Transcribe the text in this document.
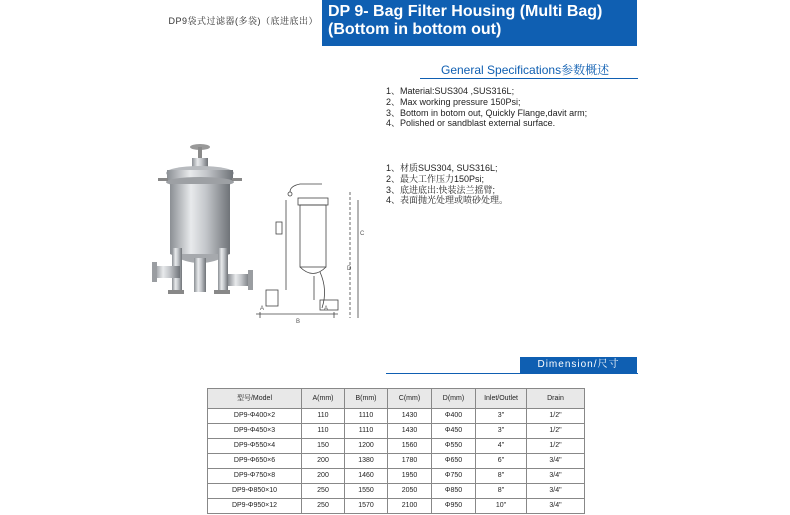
DP9袋式过滤器(多袋)（底进底出）
DP 9- Bag Filter Housing (Multi Bag)
(Bottom in bottom out)
General Specifications参数概述
1、Material:SUS304 ,SUS316L;
2、Max working pressure 150Psi;
3、Bottom in botom out, Quickly Flange,davit arm;
4、Polished or sandblast external surface.
1、材质SUS304, SUS316L;
2、最大工作压力150Psi;
3、底进底出:快装法兰摇臂;
4、表面抛光处理或喷砂处理。
C
D
A	A
B
Dimension/尺寸
型号/Model	A(mm)	B(mm)	C(mm)	D(mm)	Inlet/Outlet	Drain
DP9-Φ400×2	110	1110	1430	Φ400	3"	1/2"
DP9-Φ450×3	110	1110	1430	Φ450	3"	1/2"
DP9-Φ550×4	150	1200	1560	Φ550	4"	1/2"
DP9-Φ650×6	200	1380	1780	Φ650	6"	3/4"
DP9-Φ750×8	200	1460	1950	Φ750	8"	3/4"
DP9-Φ850×10	250	1550	2050	Φ850	8"	3/4"
DP9-Φ950×12	250	1570	2100	Φ950	10"	3/4"
